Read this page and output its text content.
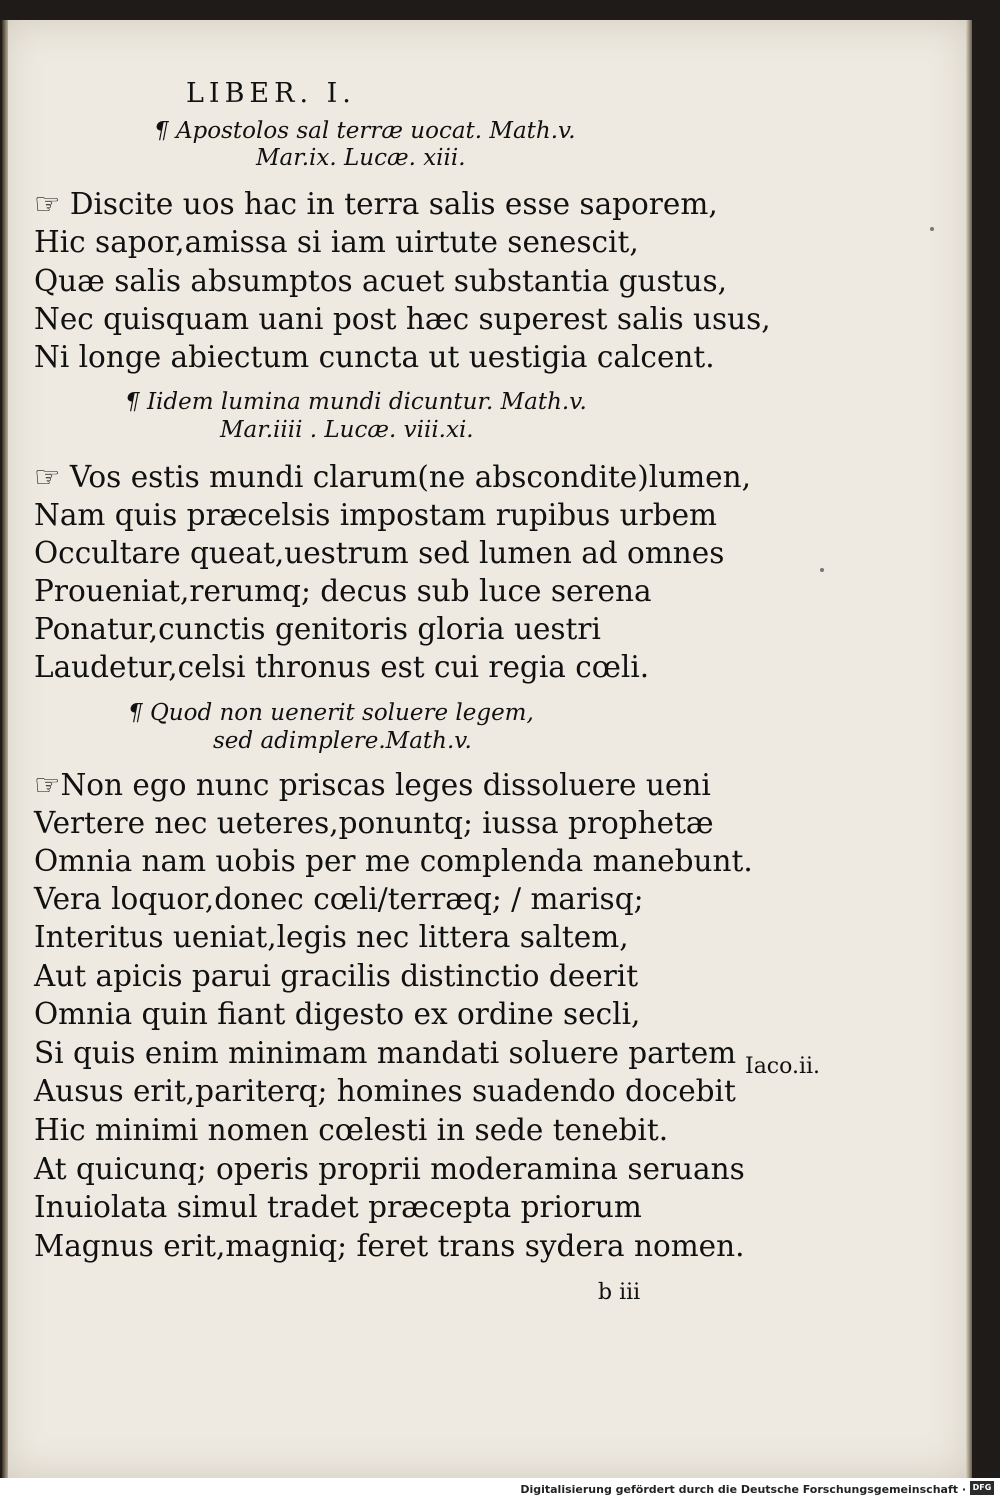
LIBER. I.
¶ Apostolos sal terræ uocat. Math.v.
Mar.ix. Lucæ. xiii.
☞ Discite uos hac in terra salis esse saporem,
Hic sapor,amissa si iam uirtute senescit,
Quæ salis absumptos acuet substantia gustus,
Nec quisquam uani post hæc superest salis usus,
Ni longe abiectum cuncta ut uestigia calcent.
¶ Iidem lumina mundi dicuntur. Math.v.
Mar.iiii . Lucæ. viii.xi.
☞ Vos estis mundi clarum(ne abscondite)lumen,
Nam quis præcelsis impostam rupibus urbem
Occultare queat,uestrum sed lumen ad omnes
Proueniat,rerumq; decus sub luce serena
Ponatur,cunctis genitoris gloria uestri
Laudetur,celsi thronus est cui regia cœli.
¶ Quod non uenerit soluere legem,
sed adimplere.Math.v.
☞Non ego nunc priscas leges dissoluere ueni
Vertere nec ueteres,ponuntq; iussa prophetæ
Omnia nam uobis per me complenda manebunt.
Vera loquor,donec cœli/terræq; / marisq;
Interitus ueniat,legis nec littera saltem,
Aut apicis parui gracilis distinctio deerit
Omnia quin fiant digesto ex ordine secli,
Si quis enim minimam mandati soluere partem
Ausus erit,pariterq; homines suadendo docebit
Hic minimi nomen cœlesti in sede tenebit.
At quicunq; operis proprii moderamina seruans
Inuiolata simul tradet præcepta priorum
Magnus erit,magniq; feret trans sydera nomen.
Iaco.ii.
b iii
Digitalisierung gefördert durch die Deutsche Forschungsgemeinschaft · DFG
